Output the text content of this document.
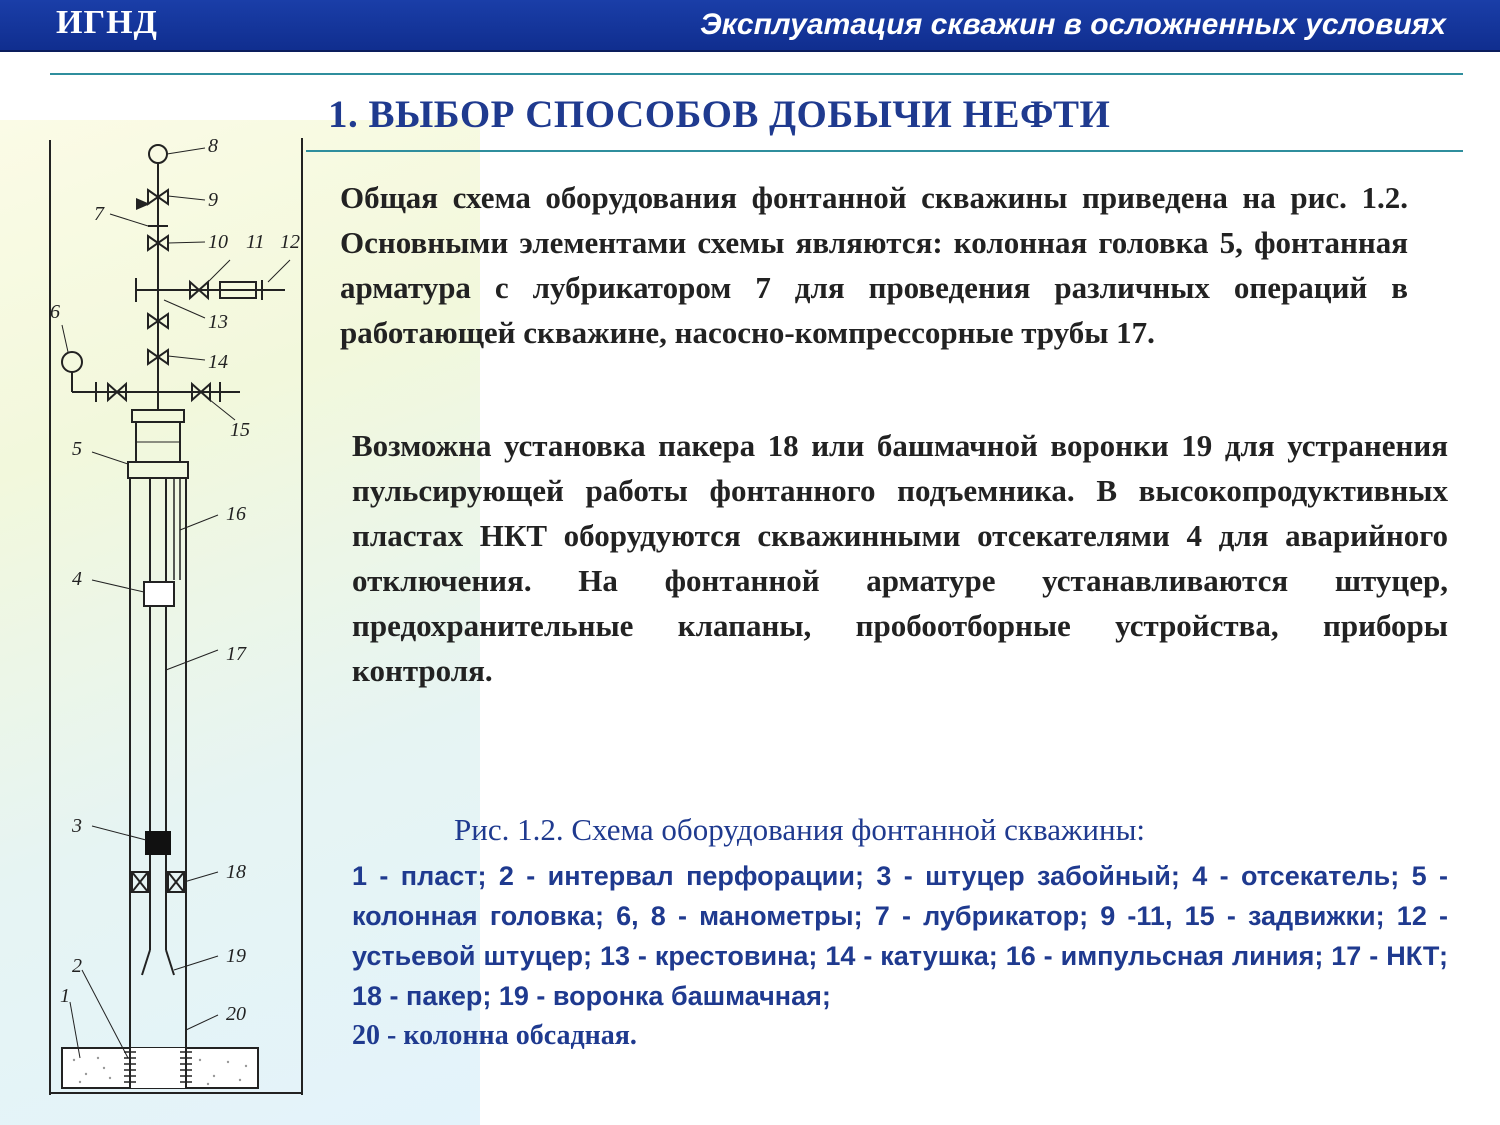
ИГНД	Эксплуатация скважин в осложненных условиях
1. ВЫБОР СПОСОБОВ ДОБЫЧИ НЕФТИ
8
9
7
10 11 12
13
6
14
15
5
16
4
17
3
18
19
2
1
20
Общая схема оборудования фонтанной скважины приведена на рис. 1.2. Основными элементами схемы являются: колонная головка 5, фонтанная арматура с лубрикатором 7 для проведения различных операций в работающей скважине, насосно-компрессорные трубы 17.
Возможна установка пакера 18 или башмачной воронки 19 для устранения пульсирующей работы фонтанного подъемника. В высокопродуктивных пластах НКТ оборудуются скважинными отсекателями 4 для аварийного отключения. На фонтанной арматуре устанавливаются штуцер, предохранительные клапаны, пробоотборные устройства, приборы контроля.
Рис. 1.2. Схема оборудования фонтанной скважины:
1 - пласт; 2 - интервал перфорации; 3 - штуцер забойный; 4 - отсекатель; 5 - колонная головка; 6, 8 - манометры; 7 - лубрикатор; 9 -11, 15 - задвижки; 12 - устьевой штуцер; 13 - крестовина; 14 - катушка; 16 - импульсная линия; 17 - НКТ; 18 - пакер; 19 - воронка башмачная;
20 - колонна обсадная.
